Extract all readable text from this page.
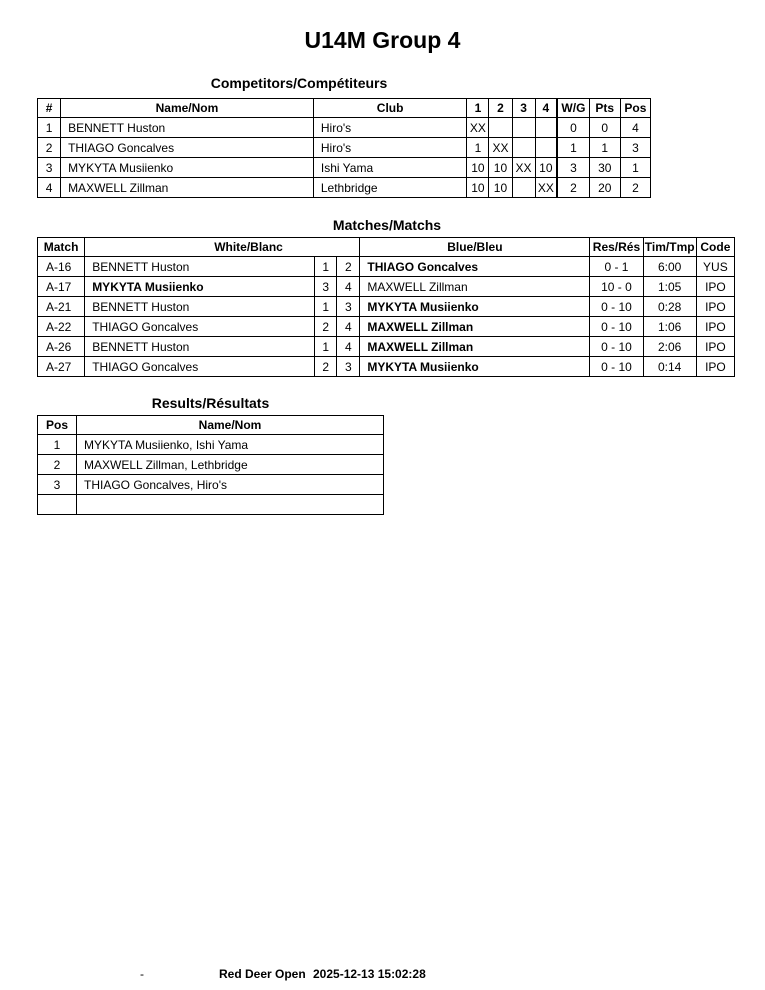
U14M Group 4
Competitors/Compétiteurs
#	Name/Nom	Club	1	2	3	4	W/G	Pts	Pos
1	BENNETT Huston	Hiro's	XX				0	0	4
2	THIAGO Goncalves	Hiro's	1	XX			1	1	3
3	MYKYTA Musiienko	Ishi Yama	10	10	XX	10	3	30	1
4	MAXWELL Zillman	Lethbridge	10	10		XX	2	20	2
Matches/Matchs
Match	White/Blanc			Blue/Bleu	Res/Rés	Tim/Tmp	Code
A-16	BENNETT Huston	1	2	THIAGO Goncalves	0 - 1	6:00	YUS
A-17	MYKYTA Musiienko	3	4	MAXWELL Zillman	10 - 0	1:05	IPO
A-21	BENNETT Huston	1	3	MYKYTA Musiienko	0 - 10	0:28	IPO
A-22	THIAGO Goncalves	2	4	MAXWELL Zillman	0 - 10	1:06	IPO
A-26	BENNETT Huston	1	4	MAXWELL Zillman	0 - 10	2:06	IPO
A-27	THIAGO Goncalves	2	3	MYKYTA Musiienko	0 - 10	0:14	IPO
Results/Résultats
Pos	Name/Nom
1	MYKYTA Musiienko, Ishi Yama
2	MAXWELL Zillman, Lethbridge
3	THIAGO Goncalves, Hiro's

-	Red Deer Open 2025-12-13 15:02:28
